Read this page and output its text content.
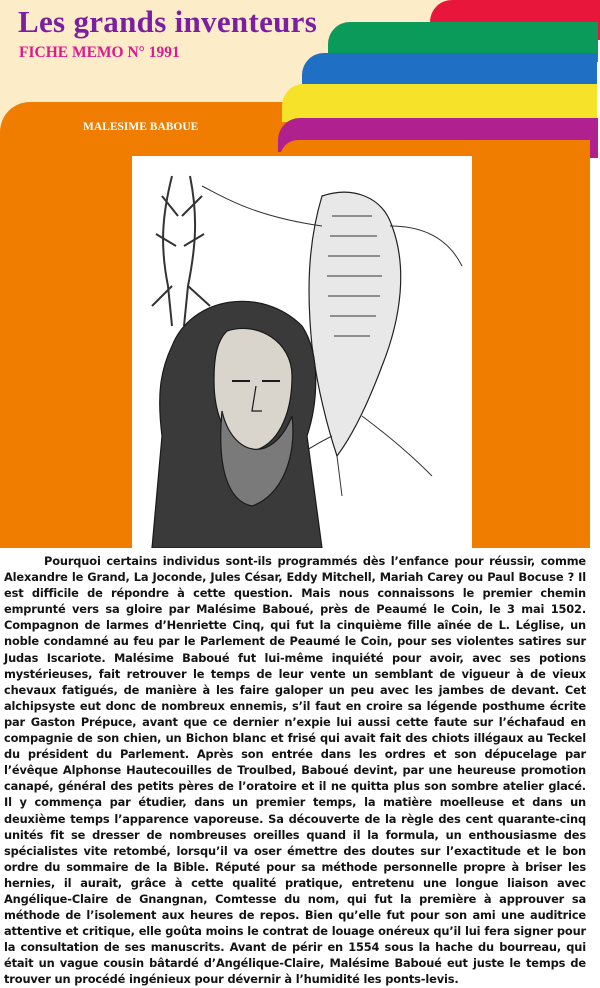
Les grands inventeurs
FICHE MEMO N° 1991
MALESIME BABOUE

Pourquoi certains individus sont-ils programmés dès l’enfance pour réussir, comme Alexandre le Grand, La Joconde, Jules César, Eddy Mitchell, Mariah Carey ou Paul Bocuse ? Il est difficile de répondre à cette question. Mais nous connaissons le premier chemin emprunté vers sa gloire par Malésime Baboué, près de Peaumé le Coin, le 3 mai 1502. Compagnon de larmes d’Henriette Cinq, qui fut la cinquième fille aînée de L. Léglise, un noble condamné au feu par le Parlement de Peaumé le Coin, pour ses violentes satires sur Judas Iscariote. Malésime Baboué fut lui-même inquiété pour avoir, avec ses potions mystérieuses, fait retrouver le temps de leur vente un semblant de vigueur à de vieux chevaux fatigués, de manière à les faire galoper un peu avec les jambes de devant. Cet alchipsyste eut donc de nombreux ennemis, s’il faut en croire sa légende posthume écrite par Gaston Prépuce, avant que ce dernier n’expie lui aussi cette faute sur l’échafaud en compagnie de son chien, un Bichon blanc et frisé qui avait fait des chiots illégaux au Teckel du président du Parlement. Après son entrée dans les ordres et son dépucelage par l’évêque Alphonse Hautecouilles de Troulbed, Baboué devint, par une heureuse promotion canapé, général des petits pères de l’oratoire et il ne quitta plus son sombre atelier glacé. Il y commença par étudier, dans un premier temps, la matière moelleuse et dans un deuxième temps l’apparence vaporeuse. Sa découverte de la règle des cent quarante-cinq unités fit se dresser de nombreuses oreilles quand il la formula, un enthousiasme des spécialistes vite retombé, lorsqu’il va oser émettre des doutes sur l’exactitude et le bon ordre du sommaire de la Bible. Réputé pour sa méthode personnelle propre à briser les hernies, il aurait, grâce à cette qualité pratique, entretenu une longue liaison avec Angélique-Claire de Gnangnan, Comtesse du nom, qui fut la première à approuver sa méthode de l’isolement aux heures de repos. Bien qu’elle fut pour son ami une auditrice attentive et critique, elle goûta moins le contrat de louage onéreux qu’il lui fera signer pour la consultation de ses manuscrits. Avant de périr en 1554 sous la hache du bourreau, qui était un vague cousin bâtardé d’Angélique-Claire, Malésime Baboué eut juste le temps de trouver un procédé ingénieux pour dévernir à l’humidité les ponts-levis.
